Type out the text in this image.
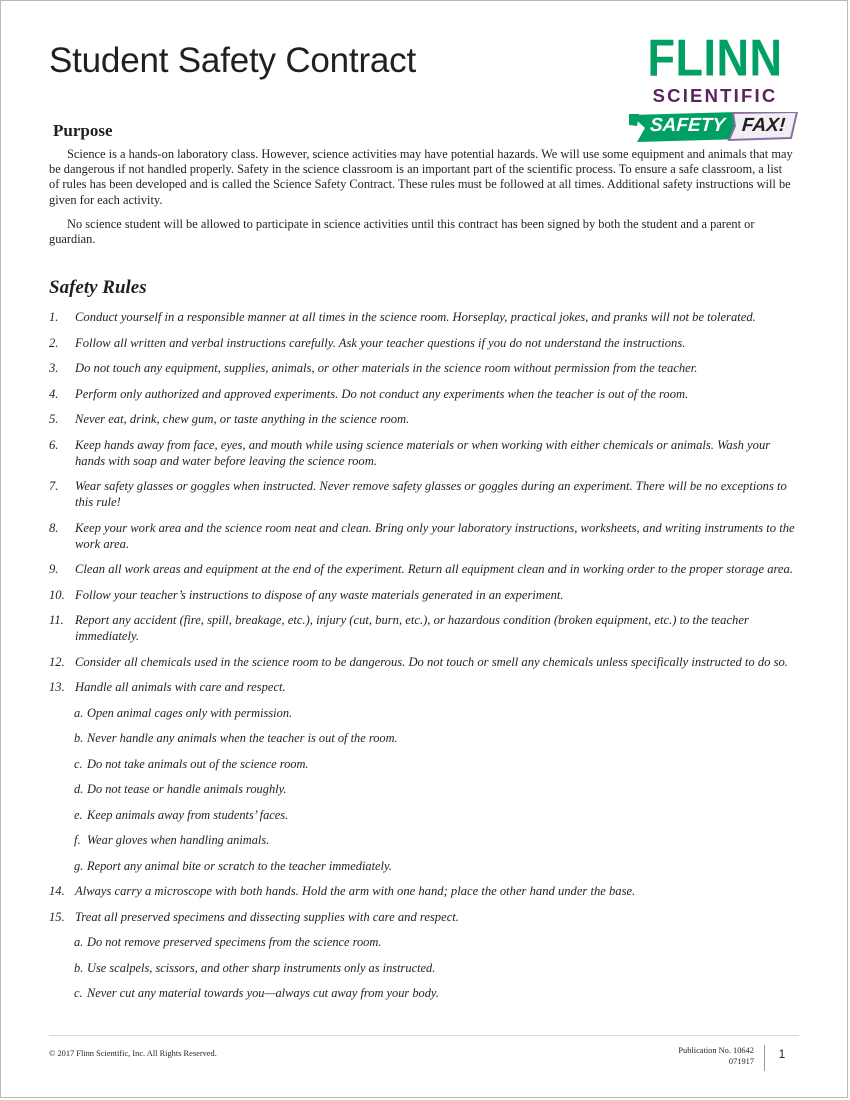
Student Safety Contract	FLINN
SCIENTIFIC
SAFETY FAX!
Purpose

Science is a hands-on laboratory class. However, science activities may have potential hazards. We will use some equipment and animals that may be dangerous if not handled properly. Safety in the science classroom is an important part of the scientific process. To ensure a safe classroom, a list of rules has been developed and is called the Science Safety Contract. These rules must be followed at all times. Additional safety instructions will be given for each activity.

No science student will be allowed to participate in science activities until this contract has been signed by both the student and a parent or guardian.

Safety Rules
1.	Conduct yourself in a responsible manner at all times in the science room. Horseplay, practical jokes, and pranks will not be tolerated.
2.	Follow all written and verbal instructions carefully. Ask your teacher questions if you do not understand the instructions.
3.	Do not touch any equipment, supplies, animals, or other materials in the science room without permission from the teacher.
4.	Perform only authorized and approved experiments. Do not conduct any experiments when the teacher is out of the room.
5.	Never eat, drink, chew gum, or taste anything in the science room.
6.	Keep hands away from face, eyes, and mouth while using science materials or when working with either chemicals or animals. Wash your hands with soap and water before leaving the science room.
7.	Wear safety glasses or goggles when instructed. Never remove safety glasses or goggles during an experiment. There will be no exceptions to this rule!
8.	Keep your work area and the science room neat and clean. Bring only your laboratory instructions, worksheets, and writing instruments to the work area.
9.	Clean all work areas and equipment at the end of the experiment. Return all equipment clean and in working order to the proper storage area.
10. Follow your teacher’s instructions to dispose of any waste materials generated in an experiment.
11. Report any accident (fire, spill, breakage, etc.), injury (cut, burn, etc.), or hazardous condition (broken equipment, etc.) to the teacher immediately.
12. Consider all chemicals used in the science room to be dangerous. Do not touch or smell any chemicals unless specifically instructed to do so.
13. Handle all animals with care and respect.
a. Open animal cages only with permission.
b. Never handle any animals when the teacher is out of the room.
c. Do not take animals out of the science room.
d. Do not tease or handle animals roughly.
e. Keep animals away from students’ faces.
f. Wear gloves when handling animals.
g. Report any animal bite or scratch to the teacher immediately.
14. Always carry a microscope with both hands. Hold the arm with one hand; place the other hand under the base.
15. Treat all preserved specimens and dissecting supplies with care and respect.
a. Do not remove preserved specimens from the science room.
b. Use scalpels, scissors, and other sharp instruments only as instructed.
c. Never cut any material towards you—always cut away from your body.
© 2017 Flinn Scientific, Inc. All Rights Reserved.	Publication No. 10642
071917
1
